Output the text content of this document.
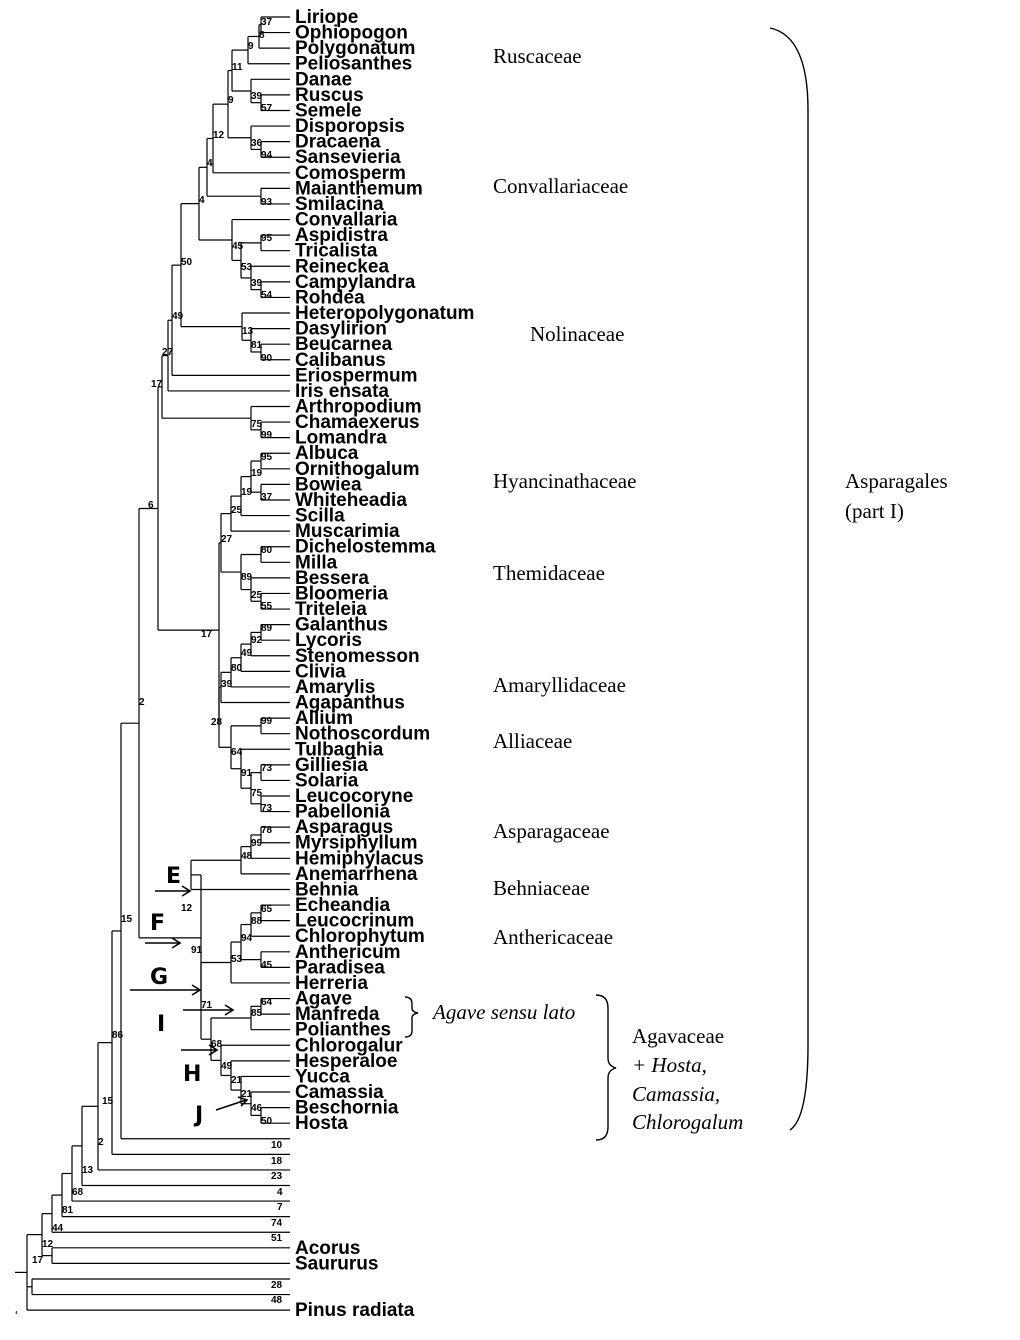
Liriope
Ophiopogon
Polygonatum
Peliosanthes
Danae
Ruscus
Semele
Disporopsis
Dracaena
Sansevieria
Comosperm
Maianthemum
Smilacina
Convallaria
Aspidistra
Tricalista
Reineckea
Campylandra
Rohdea
Heteropolygonatum
Dasylirion
Beucarnea
Calibanus
Eriospermum
Iris ensata
Arthropodium
Chamaexerus
Lomandra
Albuca
Ornithogalum
Bowiea
Whiteheadia
Scilla
Muscarimia
Dichelostemma
Milla
Bessera
Bloomeria
Triteleia
Galanthus
Lycoris
Stenomesson
Clivia
Amarylis
Agapanthus
Allium
Nothoscordum
Tulbaghia
Gilliesia
Solaria
Leucocoryne
Pabellonia
Asparagus
Myrsiphyllum
Hemiphylacus
Anemarrhena
Behnia
Echeandia
Leucocrinum
Chlorophytum
Anthericum
Paradisea
Herreria
Agave
Manfreda
Polianthes
Chlorogalur
Hesperaloe
Yucca
Camassia
Beschornia
Hosta
Acorus
Saururus
Pinus radiata
37
8
9
11
39
57
9
12
36
94
4
93
4
95
45
53
39
54
50
13
81
90
49
27
17
75
99
95
19
19 37
25
6
27
80
89
25
55
89
92
49
17
80
39
28	99
64
73
91
75
73
2
78
99
48
12	65
88
94
91
45
53
15
71	64
85
68
49
21
21
46
50
86
10
15
18
2
23
13
4
68
7
81
74
51
44
12
17
28
48
Ruscaceae
Convallariaceae
Nolinaceae
Hyancinathaceae
Themidaceae
Amaryllidaceae
Alliaceae
Asparagaceae
Behniaceae
Anthericaceae
Agave sensu lato
Agavaceae
+ Hosta,
Camassia,
Chlorogalum
Asparagales
(part I)
E
F
G
I
H
J
‘
